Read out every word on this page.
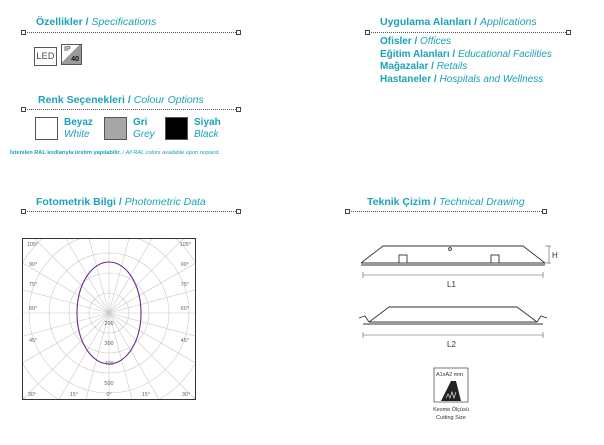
Özellikler / Specifications
LED
IP
40
Uygulama Alanları / Applications
Ofisler / Offices
Eğitim Alanları / Educational Facilities
Mağazalar / Retails
Hastaneler / Hospitals and Wellness
Renk Seçenekleri / Colour Options
Beyaz
White
Gri
Grey
Siyah
Black
İstenilen RAL kodlarıyla üretim yapılabilir. / All RAL colors available upon request.
Fotometrik Bilgi / Photometric Data
105°	105°
90°
75°
60°
45°
90°
75°
60°
45°
30°	15°	0°	15°	30°
200
300
400
500
Teknik Çizim / Technical Drawing
H
L1
L2
A1xA2 mm
Kesme Ölçüsü
Cutting Size
